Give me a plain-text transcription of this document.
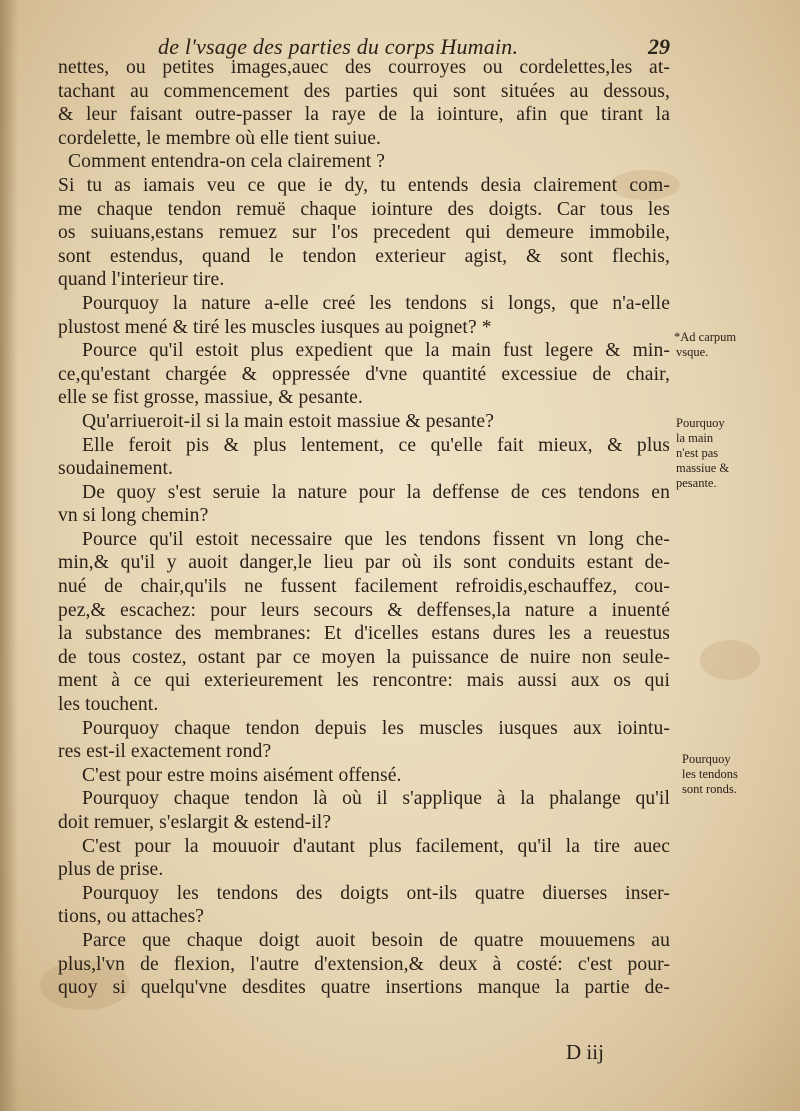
de l'vsage des parties du corps Humain.	29
nettes, ou petites images,auec des courroyes ou cordelettes,les at-
tachant au commencement des parties qui sont situées au dessous,
& leur faisant outre-passer la raye de la iointure, afin que tirant la
cordelette, le membre où elle tient suiue.
Comment entendra-on cela clairement ?
Si tu as iamais veu ce que ie dy, tu entends desia clairement com-
me chaque tendon remuë chaque iointure des doigts. Car tous les
os suiuans,estans remuez sur l'os precedent qui demeure immobile,
sont estendus, quand le tendon exterieur agist, & sont flechis,
quand l'interieur tire.
Pourquoy la nature a-elle creé les tendons si longs, que n'a-elle
plustost mené & tiré les muscles iusques au poignet? *
Pource qu'il estoit plus expedient que la main fust legere & min-
ce,qu'estant chargée & oppressée d'vne quantité excessiue de chair,
elle se fist grosse, massiue, & pesante.
Qu'arriueroit-il si la main estoit massiue & pesante?
Elle feroit pis & plus lentement, ce qu'elle fait mieux, & plus
soudainement.
De quoy s'est seruie la nature pour la deffense de ces tendons en
vn si long chemin?
Pource qu'il estoit necessaire que les tendons fissent vn long che-
min,& qu'il y auoit danger,le lieu par où ils sont conduits estant de-
nué de chair,qu'ils ne fussent facilement refroidis,eschauffez, cou-
pez,& escachez: pour leurs secours & deffenses,la nature a inuenté
la substance des membranes: Et d'icelles estans dures les a reuestus
de tous costez, ostant par ce moyen la puissance de nuire non seule-
ment à ce qui exterieurement les rencontre: mais aussi aux os qui
les touchent.
Pourquoy chaque tendon depuis les muscles iusques aux iointu-
res est-il exactement rond?
C'est pour estre moins aisément offensé.
Pourquoy chaque tendon là où il s'applique à la phalange qu'il
doit remuer, s'eslargit & estend-il?
C'est pour la mouuoir d'autant plus facilement, qu'il la tire auec
plus de prise.
Pourquoy les tendons des doigts ont-ils quatre diuerses inser-
tions, ou attaches?
Parce que chaque doigt auoit besoin de quatre mouuemens au
plus,l'vn de flexion, l'autre d'extension,& deux à costé: c'est pour-
quoy si quelqu'vne desdites quatre insertions manque la partie de-
*Ad carpum
vsque.
Pourquoy
la main
n'est pas
massiue &
pesante.
Pourquoy
les tendons
sont ronds.
D iij
